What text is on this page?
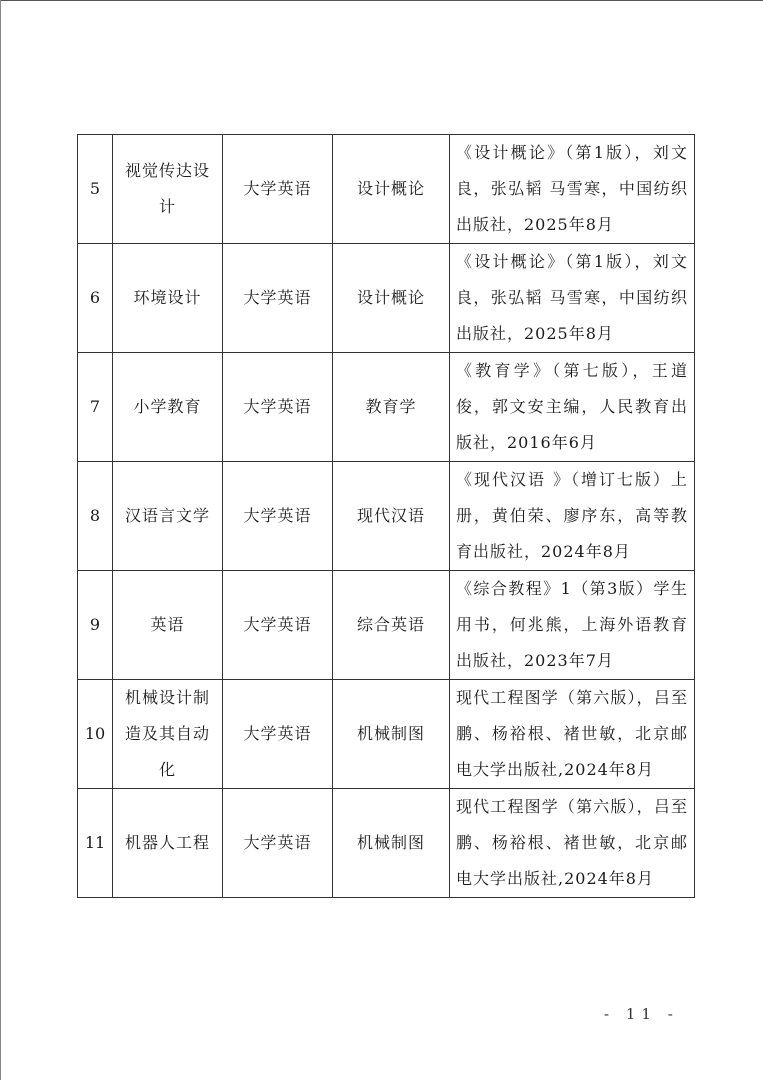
5	视觉传达设计	大学英语	设计概论	《设计概论》（第1版），刘文良，张弘韬 马雪寒，中国纺织出版社，2025年8月
6	环境设计	大学英语	设计概论	《设计概论》（第1版），刘文良，张弘韬 马雪寒，中国纺织出版社，2025年8月
7	小学教育	大学英语	教育学	《教育学》（第七版），王道俊，郭文安主编，人民教育出版社，2016年6月
8	汉语言文学	大学英语	现代汉语	《现代汉语 》（增订七版）上册，黄伯荣、廖序东，高等教育出版社，2024年8月
9	英语	大学英语	综合英语	《综合教程》1（第3版）学生用书，何兆熊，上海外语教育出版社，2023年7月
10	机械设计制造及其自动化	大学英语	机械制图	现代工程图学（第六版），吕至鹏、杨裕根、褚世敏，北京邮电大学出版社,2024年8月
11	机器人工程	大学英语	机械制图	现代工程图学（第六版），吕至鹏、杨裕根、褚世敏，北京邮电大学出版社,2024年8月
- 11 -
